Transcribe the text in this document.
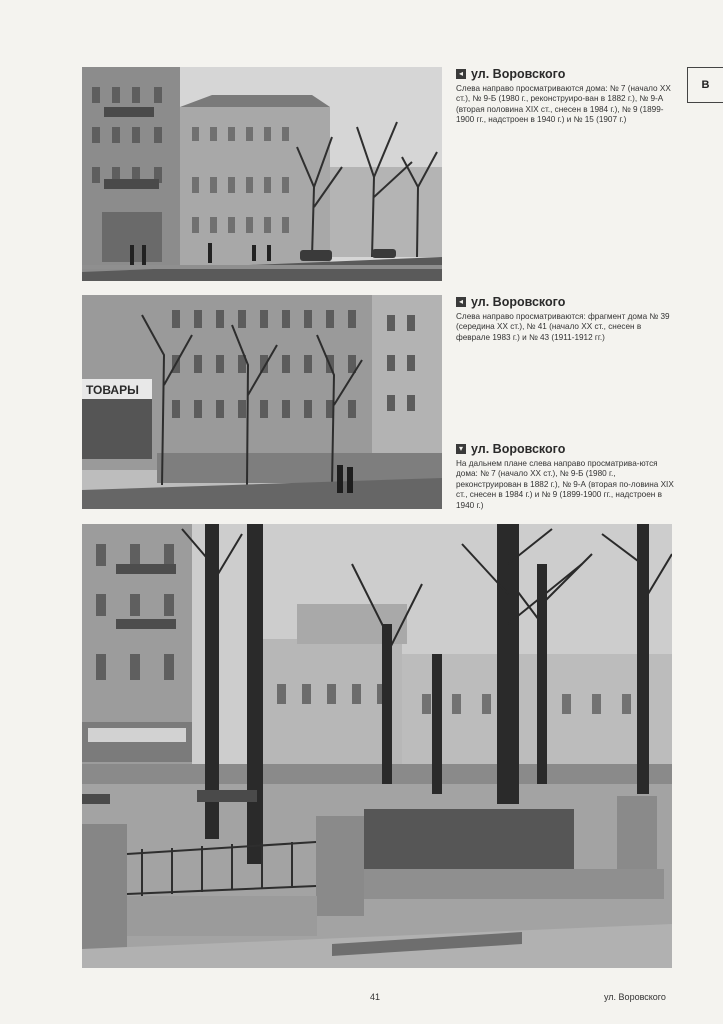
◂ ул. Воровского
Слева направо просматриваются дома: № 7 (начало XX ст.), № 9-Б (1980 г., реконструиро-ван в 1882 г.), № 9-А (вторая половина XIX ст., снесен в 1984 г.), № 9 (1899-1900 гг., надстроен в 1940 г.) и № 15 (1907 г.)
В
ТОВАРЫ
◂ ул. Воровского
Слева направо просматриваются: фрагмент дома № 39 (середина XX ст.), № 41 (начало XX ст., снесен в феврале 1983 г.) и № 43 (1911-1912 гг.)
▾ ул. Воровского
На дальнем плане слева направо просматрива-ются дома: № 7 (начало XX ст.), № 9-Б (1980 г., реконструирован в 1882 г.), № 9-А (вторая по-ловина XIX ст., снесен в 1984 г.) и № 9 (1899-1900 гг., надстроен в 1940 г.)
41	ул. Воровского
